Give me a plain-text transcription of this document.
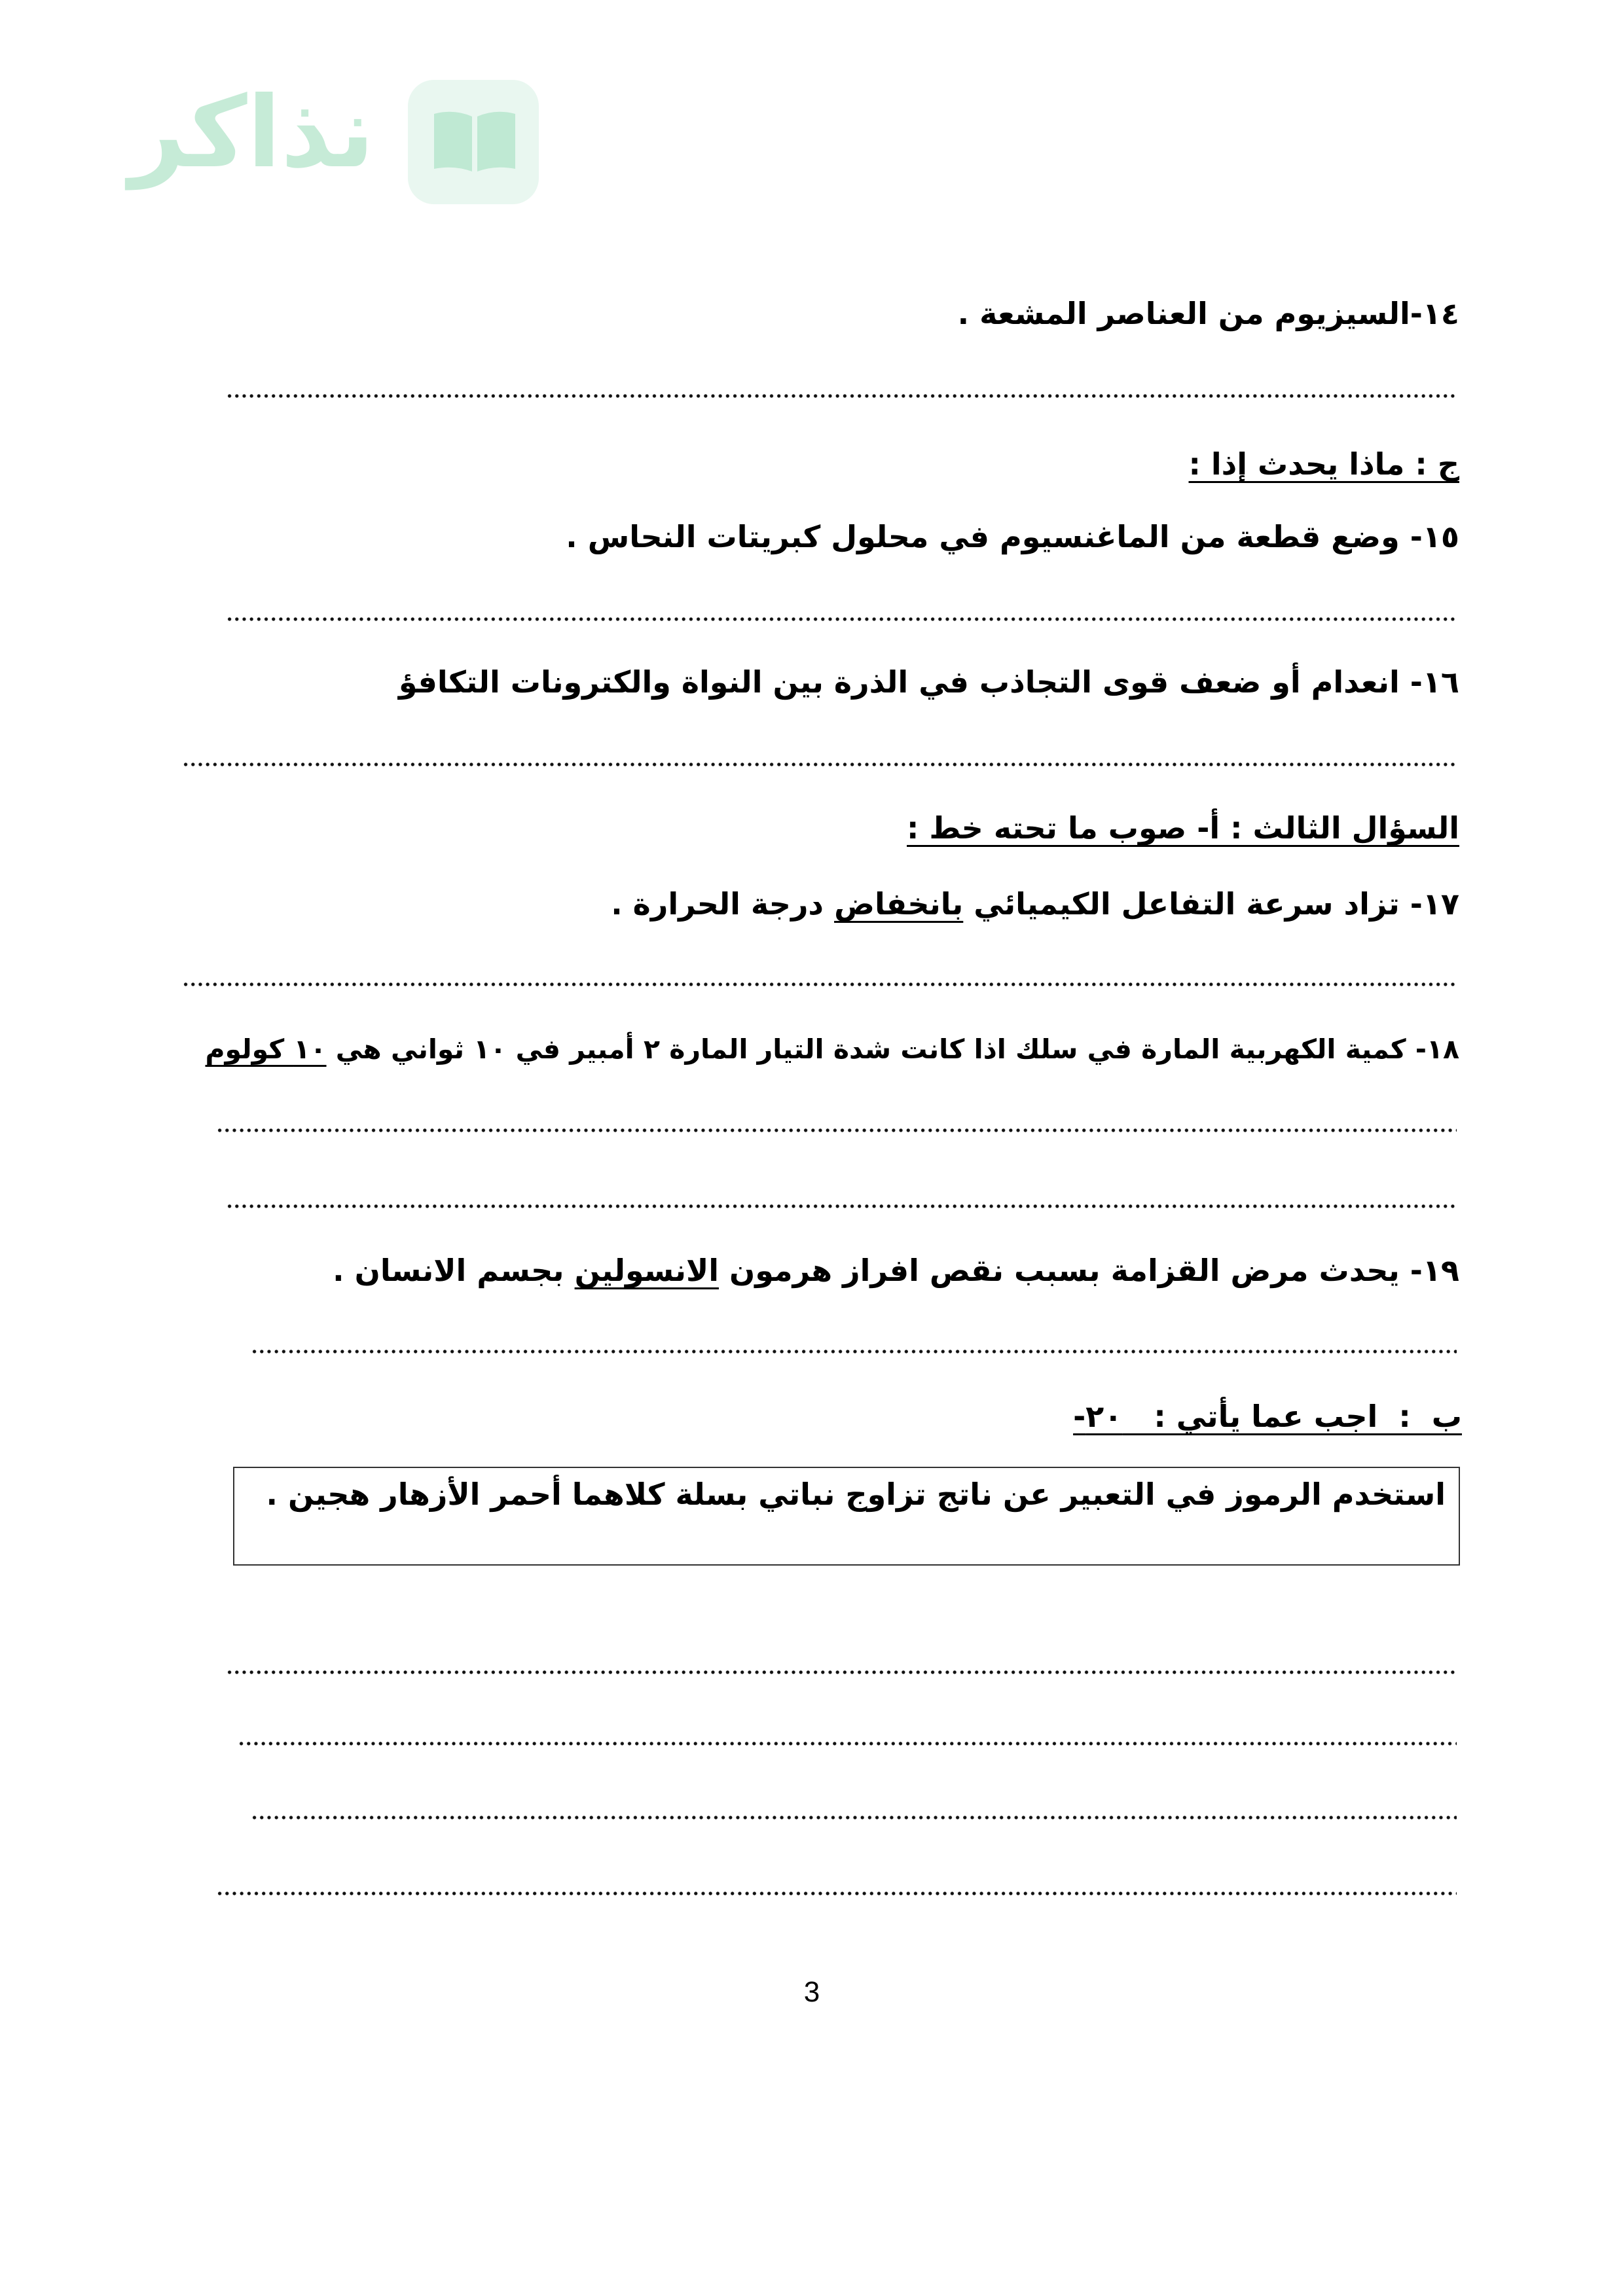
نذاكر
١٤-السيزيوم من العناصر المشعة .
ج : ماذا يحدث إذا :
١٥- وضع قطعة من الماغنسيوم في محلول كبريتات النحاس .
١٦- انعدام أو ضعف قوى التجاذب في الذرة بين النواة والكترونات التكافؤ
السؤال الثالث : أ- صوب ما تحته خط :
١٧- تزاد سرعة التفاعل الكيميائي بانخفاض درجة الحرارة .
١٨- كمية الكهربية المارة في سلك اذا كانت شدة التيار المارة ٢ أمبير في ١٠ ثواني هي ١٠ كولوم
١٩- يحدث مرض القزامة بسبب نقص افراز هرمون الانسولين بجسم الانسان .
ب  :  اجب عما يأتي :   ٢٠-
استخدم الرموز في التعبير عن ناتج تزاوج نباتي بسلة كلاهما أحمر الأزهار هجين .
3
